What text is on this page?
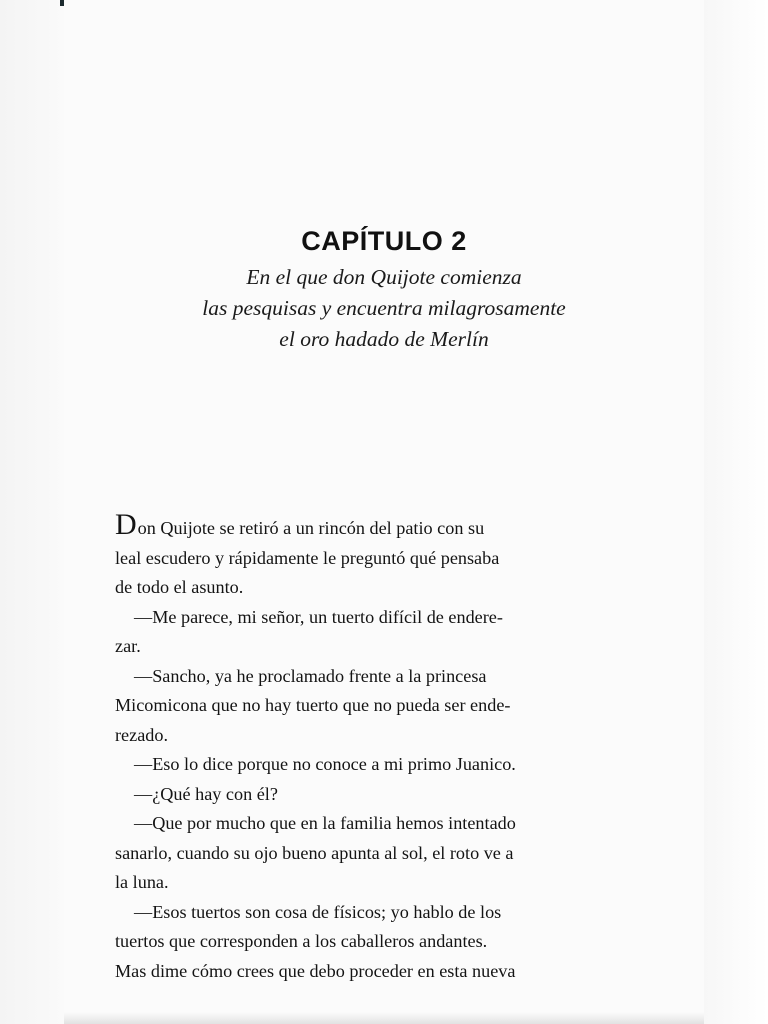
CAPÍTULO 2
En el que don Quijote comienza
las pesquisas y encuentra milagrosamente
el oro hadado de Merlín
Don Quijote se retiró a un rincón del patio con su
leal escudero y rápidamente le preguntó qué pensaba
de todo el asunto.
—Me parece, mi señor, un tuerto difícil de endere-
zar.
—Sancho, ya he proclamado frente a la princesa
Micomicona que no hay tuerto que no pueda ser ende-
rezado.
—Eso lo dice porque no conoce a mi primo Juanico.
—¿Qué hay con él?
—Que por mucho que en la familia hemos intentado
sanarlo, cuando su ojo bueno apunta al sol, el roto ve a
la luna.
—Esos tuertos son cosa de físicos; yo hablo de los
tuertos que corresponden a los caballeros andantes.
Mas dime cómo crees que debo proceder en esta nueva
